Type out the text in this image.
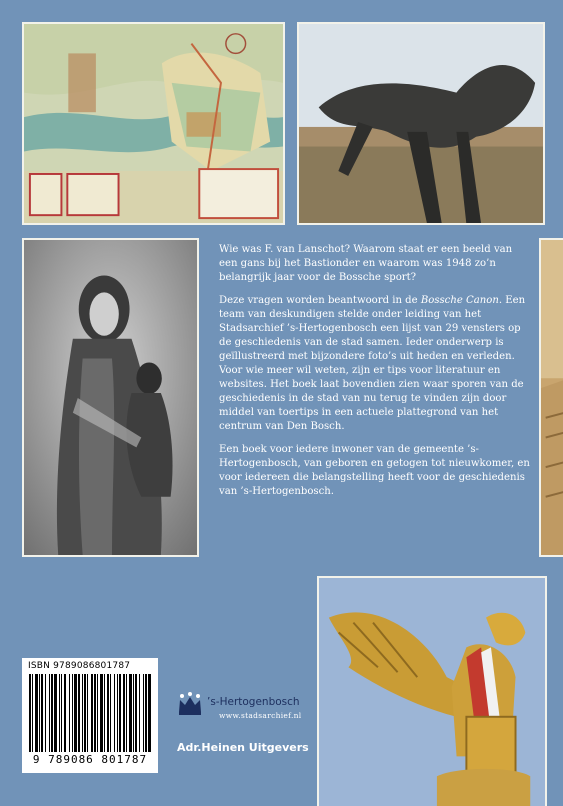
Wie was F. van Lanschot? Waarom staat er een beeld van een gans bij het Bastionder en waarom was 1948 zo’n belangrijk jaar voor de Bossche sport?

Deze vragen worden beantwoord in de Bossche Canon. Een team van deskundigen stelde onder leiding van het Stadsarchief ’s-Hertogenbosch een lijst van 29 vensters op de geschiedenis van de stad samen. Ieder onderwerp is geïllustreerd met bijzondere foto’s uit heden en verleden. Voor wie meer wil weten, zijn er tips voor literatuur en websites. Het boek laat bovendien zien waar sporen van de geschiedenis in de stad van nu terug te vinden zijn door middel van toertips in een actuele plattegrond van het centrum van Den Bosch.

Een boek voor iedere inwoner van de gemeente ’s-Hertogenbosch, van geboren en getogen tot nieuwkomer, en voor iedereen die belangstelling heeft voor de geschiedenis van ’s-Hertogenbosch.

ISBN 9789086801787
9 789086 801787
’s-Hertogenbosch
www.stadsarchief.nl
Adr.Heinen Uitgevers
